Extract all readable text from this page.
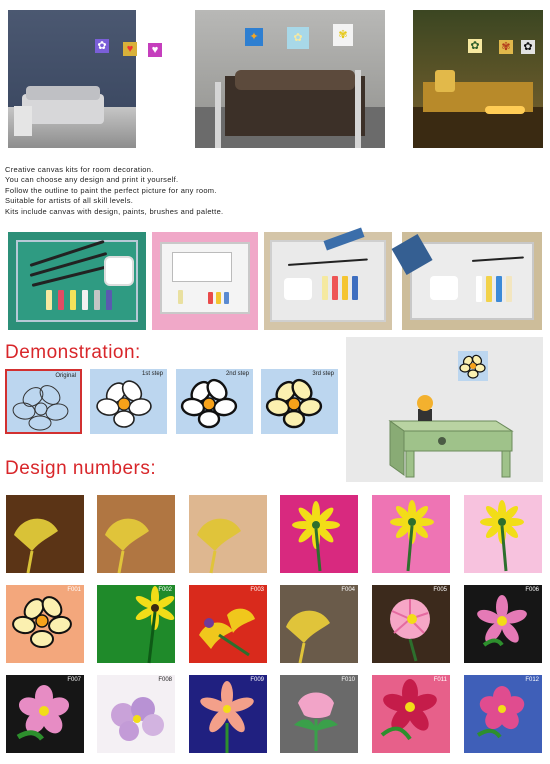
✿	♥	♥
✦	✿	✾
✿ ✾ ✿
Creative canvas kits for room decoration.
You can choose any design and print it yourself.
Follow the outline to paint the perfect picture for any room.
Suitable for artists of all skill levels.
Kits include canvas with design, paints, brushes and palette.
Demonstration:
Original	1st step	2nd step	3rd step
Design numbers:
F001	F002	F003	F004	F005	F006
F007	F008	F009	F010	F011	F012
